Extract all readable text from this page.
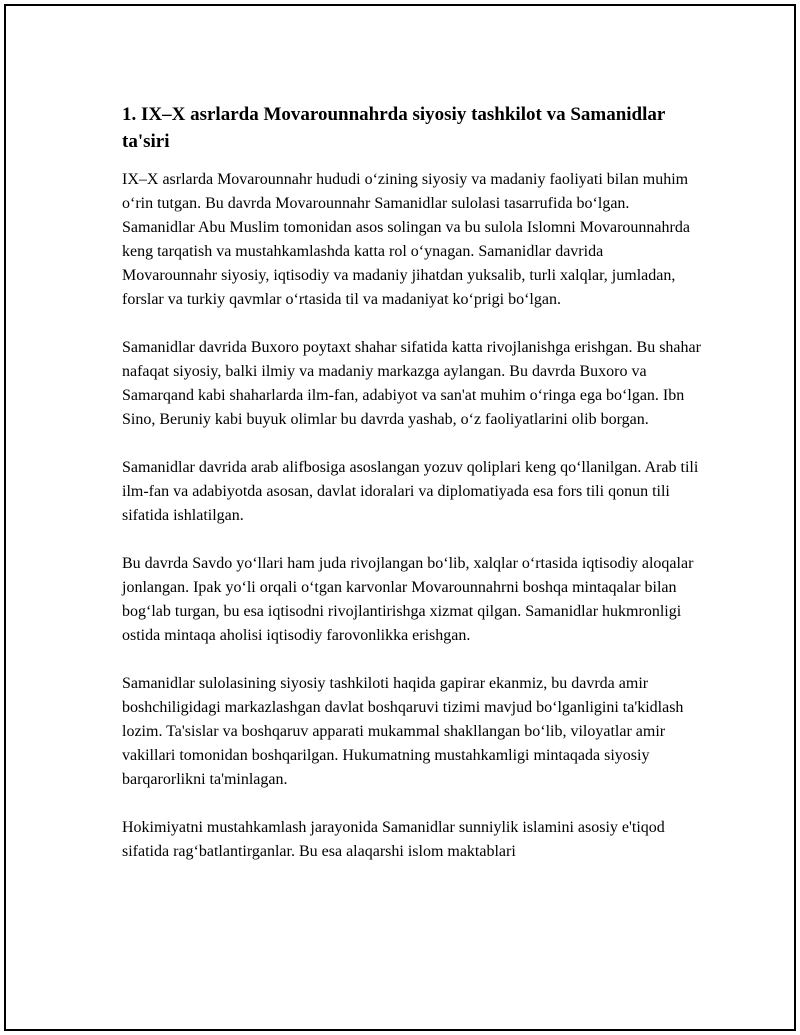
1. IX–X asrlarda Movarounnahrda siyosiy tashkilot va Samanidlar ta'siri

IX–X asrlarda Movarounnahr hududi o‘zining siyosiy va madaniy faoliyati bilan muhim o‘rin tutgan. Bu davrda Movarounnahr Samanidlar sulolasi tasarrufida bo‘lgan. Samanidlar Abu Muslim tomonidan asos solingan va bu sulola Islomni Movarounnahrda keng tarqatish va mustahkamlashda katta rol o‘ynagan. Samanidlar davrida Movarounnahr siyosiy, iqtisodiy va madaniy jihatdan yuksalib, turli xalqlar, jumladan, forslar va turkiy qavmlar o‘rtasida til va madaniyat ko‘prigi bo‘lgan.

Samanidlar davrida Buxoro poytaxt shahar sifatida katta rivojlanishga erishgan. Bu shahar nafaqat siyosiy, balki ilmiy va madaniy markazga aylangan. Bu davrda Buxoro va Samarqand kabi shaharlarda ilm-fan, adabiyot va san'at muhim o‘ringa ega bo‘lgan. Ibn Sino, Beruniy kabi buyuk olimlar bu davrda yashab, o‘z faoliyatlarini olib borgan.

Samanidlar davrida arab alifbosiga asoslangan yozuv qoliplari keng qo‘llanilgan. Arab tili ilm-fan va adabiyotda asosan, davlat idoralari va diplomatiyada esa fors tili qonun tili sifatida ishlatilgan.

Bu davrda Savdo yo‘llari ham juda rivojlangan bo‘lib, xalqlar o‘rtasida iqtisodiy aloqalar jonlangan. Ipak yo‘li orqali o‘tgan karvonlar Movarounnahrni boshqa mintaqalar bilan bog‘lab turgan, bu esa iqtisodni rivojlantirishga xizmat qilgan. Samanidlar hukmronligi ostida mintaqa aholisi iqtisodiy farovonlikka erishgan.

Samanidlar sulolasining siyosiy tashkiloti haqida gapirar ekanmiz, bu davrda amir boshchiligidagi markazlashgan davlat boshqaruvi tizimi mavjud bo‘lganligini ta'kidlash lozim. Ta'sislar va boshqaruv apparati mukammal shakllangan bo‘lib, viloyatlar amir vakillari tomonidan boshqarilgan. Hukumatning mustahkamligi mintaqada siyosiy barqarorlikni ta'minlagan.

Hokimiyatni mustahkamlash jarayonida Samanidlar sunniylik islamini asosiy e'tiqod sifatida rag‘batlantirganlar. Bu esa alaqarshi islom maktablari
